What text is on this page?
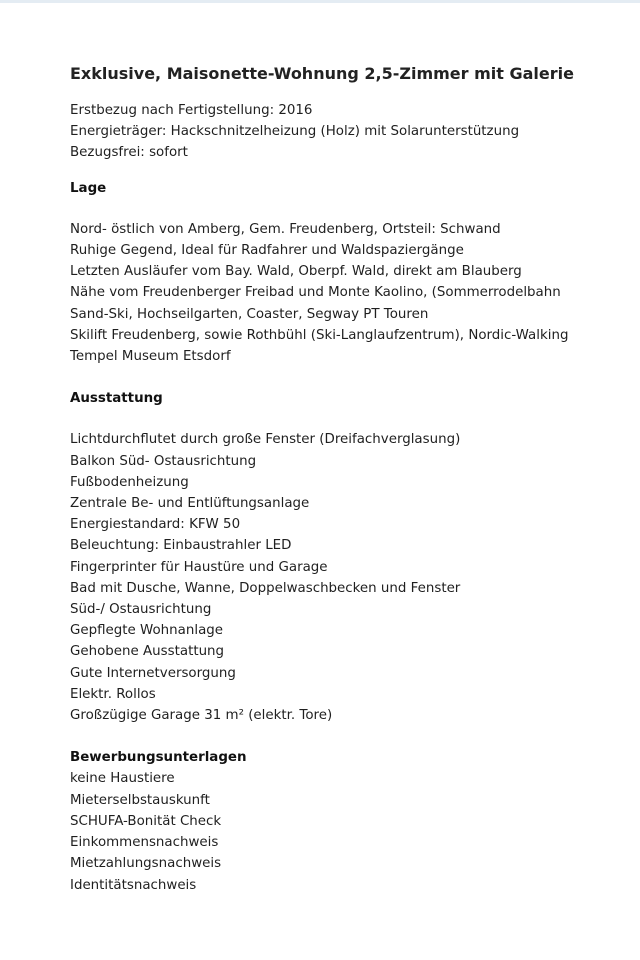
Exklusive, Maisonette-Wohnung 2,5-Zimmer mit Galerie
Erstbezug nach Fertigstellung: 2016
Energieträger: Hackschnitzelheizung (Holz) mit Solarunterstützung
Bezugsfrei: sofort
Lage
Nord- östlich von Amberg, Gem. Freudenberg, Ortsteil: Schwand
Ruhige Gegend, Ideal für Radfahrer und Waldspaziergänge
Letzten Ausläufer vom Bay. Wald, Oberpf. Wald, direkt am Blauberg
Nähe vom Freudenberger Freibad und Monte Kaolino, (Sommerrodelbahn
Sand-Ski, Hochseilgarten, Coaster, Segway PT Touren
Skilift Freudenberg, sowie Rothbühl (Ski-Langlaufzentrum), Nordic-Walking
Tempel Museum Etsdorf
Ausstattung
Lichtdurchflutet durch große Fenster (Dreifachverglasung)
Balkon Süd- Ostausrichtung
Fußbodenheizung
Zentrale Be- und Entlüftungsanlage
Energiestandard: KFW 50
Beleuchtung: Einbaustrahler LED
Fingerprinter für Haustüre und Garage
Bad mit Dusche, Wanne, Doppelwaschbecken und Fenster
Süd-/ Ostausrichtung
Gepflegte Wohnanlage
Gehobene Ausstattung
Gute Internetversorgung
Elektr. Rollos
Großzügige Garage 31 m² (elektr. Tore)
Bewerbungsunterlagen
keine Haustiere
Mieterselbstauskunft
SCHUFA-Bonität Check
Einkommensnachweis
Mietzahlungsnachweis
Identitätsnachweis
